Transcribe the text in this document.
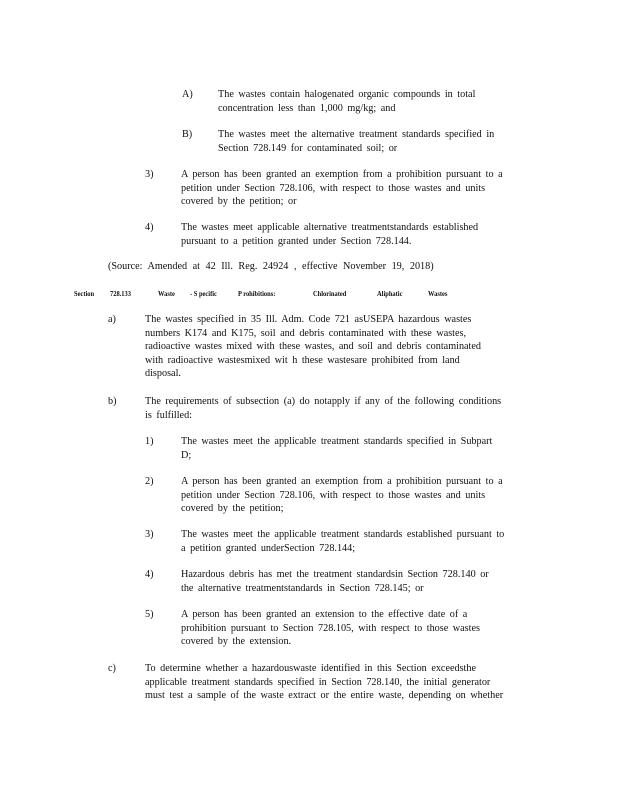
A) The wastes contain halogenated organic compounds in total
concentration less than 1,000 mg/kg; and
B)	The wastes meet the alternative treatment standards specified in
Section 728.149 for contaminated soil; or
3)	A person has been granted an exemption from a prohibition pursuant to a
petition under Section 728.106, with respect to those wastes and units
covered by the petition; or
4)	The wastes meet applicable alternative treatmentstandards established
pursuant to a petition granted under Section 728.144.
(Source: Amended at 42 Ill. Reg. 24924 , effective November 19, 2018)
Section 728.133	Waste - S pecific	P rohibitions:	Chlorinated	Aliphatic	Wastes
a)	The wastes specified in 35 Ill. Adm. Code 721 asUSEPA hazardous wastes
numbers K174 and K175, soil and debris contaminated with these wastes,
radioactive wastes mixed with these wastes, and soil and debris contaminated
with radioactive wastesmixed wit h these wastesare prohibited from land
disposal.
b)	The requirements of subsection (a) do notapply if any of the following conditions
is fulfilled:
1)	The wastes meet the applicable treatment standards specified in Subpart
D;
2)	A person has been granted an exemption from a prohibition pursuant to a
petition under Section 728.106, with respect to those wastes and units
covered by the petition;
3)	The wastes meet the applicable treatment standards established pursuant to
a petition granted underSection 728.144;
4)	Hazardous debris has met the treatment standardsin Section 728.140 or
the alternative treatmentstandards in Section 728.145; or
5)	A person has been granted an extension to the effective date of a
prohibition pursuant to Section 728.105, with respect to those wastes
covered by the extension.
c)	To determine whether a hazardouswaste identified in this Section exceedsthe
applicable treatment standards specified in Section 728.140, the initial generator
must test a sample of the waste extract or the entire waste, depending on whether
